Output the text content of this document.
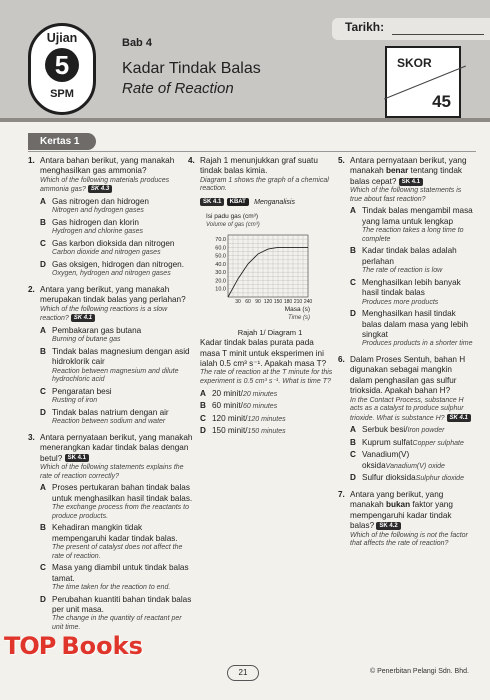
Tarikh:
Ujian
5
SPM
Bab 4
Kadar Tindak Balas
Rate of Reaction
SKOR
45
Kertas 1
1. Antara bahan berikut, yang manakah menghasilkan gas ammonia?
Which of the following materials produces ammonia gas? SK 4.3
A Gas nitrogen dan hidrogen
Nitrogen and hydrogen gases
B Gas hidrogen dan klorin
Hydrogen and chlorine gases
C Gas karbon dioksida dan nitrogen
Carbon dioxide and nitrogen gases
D Gas oksigen, hidrogen dan nitrogen.
Oxygen, hydrogen and nitrogen gases
2. Antara yang berikut, yang manakah merupakan tindak balas yang perlahan?
Which of the following reactions is a slow reaction? SK 4.1
A Pembakaran gas butana
Burning of butane gas
B Tindak balas magnesium dengan asid hidroklorik cair
Reaction between magnesium and dilute hydrochloric acid
C Pengaratan besi
Rusting of iron
D Tindak balas natrium dengan air
Reaction between sodium and water
3. Antara pernyataan berikut, yang manakah menerangkan kadar tindak balas dengan betul? SK 4.1
Which of the following statements explains the rate of reaction correctly?
A Proses pertukaran bahan tindak balas untuk menghasilkan hasil tindak balas.
The exchange process from the reactants to produce products.
B Kehadiran mangkin tidak mempengaruhi kadar tindak balas.
The present of catalyst does not affect the rate of reaction.
C Masa yang diambil untuk tindak balas tamat.
The time taken for the reaction to end.
D Perubahan kuantiti bahan tindak balas per unit masa.
The change in the quantity of reactant per unit time.
4. Rajah 1 menunjukkan graf suatu tindak balas kimia.
Diagram 1 shows the graph of a chemical reaction.
SK 4.1 KBAT Menganalisis
Isi padu gas (cm³)
Volume of gas (cm³)
10.0
20.0
30.0
40.0
50.0
60.0
70.0
30 60 90 120 150 180 210 240
Masa (s)
Time (s)
Rajah 1/ Diagram 1
Kadar tindak balas purata pada masa T minit untuk eksperimen ini ialah 0.5 cm³ s⁻¹. Apakah masa T?
The rate of reaction at the T minute for this experiment is 0.5 cm³ s⁻¹. What is time T?
A 20 minit/20 minutes
B 60 minit/60 minutes
C 120 minit/120 minutes
D 150 minit/150 minutes
5. Antara pernyataan berikut, yang manakah benar tentang tindak balas cepat? SK 4.1
Which of the following statements is true about fast reaction?
A Tindak balas mengambil masa yang lama untuk lengkap
The reaction takes a long time to complete
B Kadar tindak balas adalah perlahan
The rate of reaction is low
C Menghasilkan lebih banyak hasil tindak balas
Produces more products
D Menghasilkan hasil tindak balas dalam masa yang lebih singkat
Produces products in a shorter time
6. Dalam Proses Sentuh, bahan H digunakan sebagai mangkin dalam penghasilan gas sulfur trioksida. Apakah bahan H?
In the Contact Process, substance H acts as a catalyst to produce sulphur trioxide. What is substance H? SK 4.1
A Serbuk besi/Iron powder
B Kuprum sulfatCopper sulphate
C Vanadium(V) oksidaVanadium(V) oxide
D Sulfur dioksidaSulphur dioxide
7. Antara yang berikut, yang manakah bukan faktor yang mempengaruhi kadar tindak balas? SK 4.2
Which of the following is not the factor that affects the rate of reaction?
TOP Books
21	© Penerbitan Pelangi Sdn. Bhd.
